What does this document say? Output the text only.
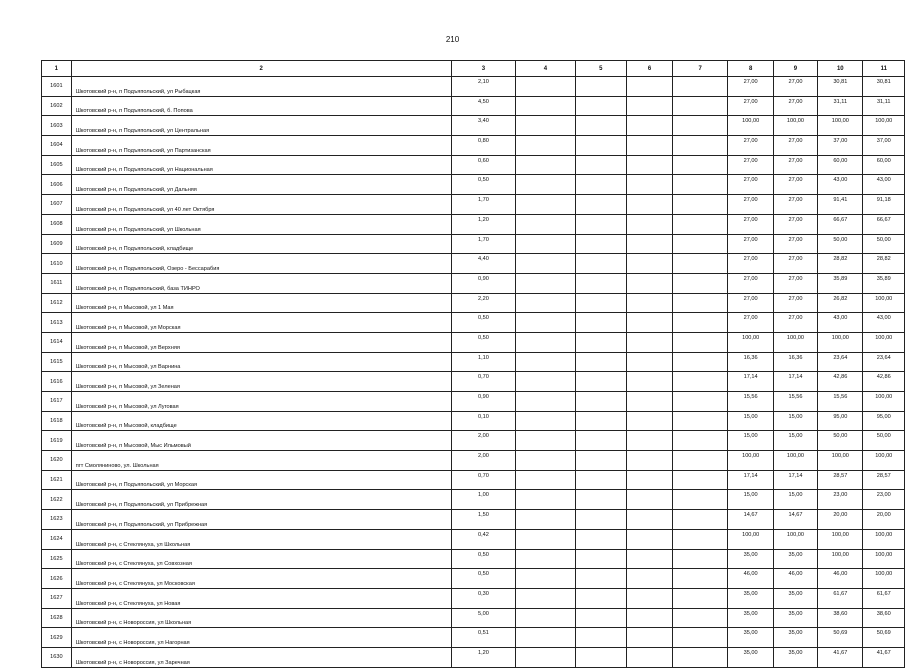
210
1	2	3	4	5	6	7	8	9	10	11
1601	Шкотовский р-н, п Подъяпольский, ул Рыбацкая	2,10					27,00	27,00	30,81	30,81
1602	Шкотовский р-н, п Подъяпольский, б. Попова	4,50					27,00	27,00	31,11	31,11
1603	Шкотовский р-н, п Подъяпольский, ул Центральная	3,40					100,00	100,00	100,00	100,00
1604	Шкотовский р-н, п Подъяпольский, ул Партизанская	0,80					27,00	27,00	37,00	37,00
1605	Шкотовский р-н, п Подъяпольский, ул Национальная	0,60					27,00	27,00	60,00	60,00
1606	Шкотовский р-н, п Подъяпольский, ул Дальняя	0,50					27,00	27,00	43,00	43,00
1607	Шкотовский р-н, п Подъяпольский, ул 40 лет Октября	1,70					27,00	27,00	91,41	91,18
1608	Шкотовский р-н, п Подъяпольский, ул Школьная	1,20					27,00	27,00	66,67	66,67
1609	Шкотовский р-н, п Подъяпольский, кладбище	1,70					27,00	27,00	50,00	50,00
1610	Шкотовский р-н, п Подъяпольский, Озеро - Бессарабия	4,40					27,00	27,00	28,82	28,82
1611	Шкотовский р-н, п Подъяпольский, база ТИНРО	0,90					27,00	27,00	35,89	35,89
1612	Шкотовский р-н, п Мысовой, ул 1 Мая	2,20					27,00	27,00	26,82	100,00
1613	Шкотовский р-н, п Мысовой, ул Морская	0,50					27,00	27,00	43,00	43,00
1614	Шкотовский р-н, п Мысовой, ул Верхняя	0,50					100,00	100,00	100,00	100,00
1615	Шкотовский р-н, п Мысовой, ул Варнина	1,10					16,36	16,36	23,64	23,64
1616	Шкотовский р-н, п Мысовой, ул Зеленая	0,70					17,14	17,14	42,86	42,86
1617	Шкотовский р-н, п Мысовой, ул Луговая	0,90					15,56	15,56	15,56	100,00
1618	Шкотовский р-н, п Мысовой, кладбище	0,10					15,00	15,00	95,00	95,00
1619	Шкотовский р-н, п Мысовой, Мыс Ильмовый	2,00					15,00	15,00	50,00	50,00
1620	пгт Смоляниново, ул. Школьная	2,00					100,00	100,00	100,00	100,00
1621	Шкотовский р-н, п Подъяпольский, ул Морская	0,70					17,14	17,14	28,57	28,57
1622	Шкотовский р-н, п Подъяпольский, ул Прибрежная	1,00					15,00	15,00	23,00	23,00
1623	Шкотовский р-н, п Подъяпольский, ул Прибрежная	1,50					14,67	14,67	20,00	20,00
1624	Шкотовский р-н, с Стеклянуха, ул Школьная	0,42					100,00	100,00	100,00	100,00
1625	Шкотовский р-н, с Стеклянуха, ул Совхозная	0,50					35,00	35,00	100,00	100,00
1626	Шкотовский р-н, с Стеклянуха, ул Московская	0,50					46,00	46,00	46,00	100,00
1627	Шкотовский р-н, с Стеклянуха, ул Новая	0,30					35,00	35,00	61,67	61,67
1628	Шкотовский р-н, с Новороссия, ул Школьная	5,00					35,00	35,00	38,60	38,60
1629	Шкотовский р-н, с Новороссия, ул Нагорная	0,51					35,00	35,00	50,69	50,69
1630	Шкотовский р-н, с Новороссия, ул Заречная	1,20					35,00	35,00	41,67	41,67
